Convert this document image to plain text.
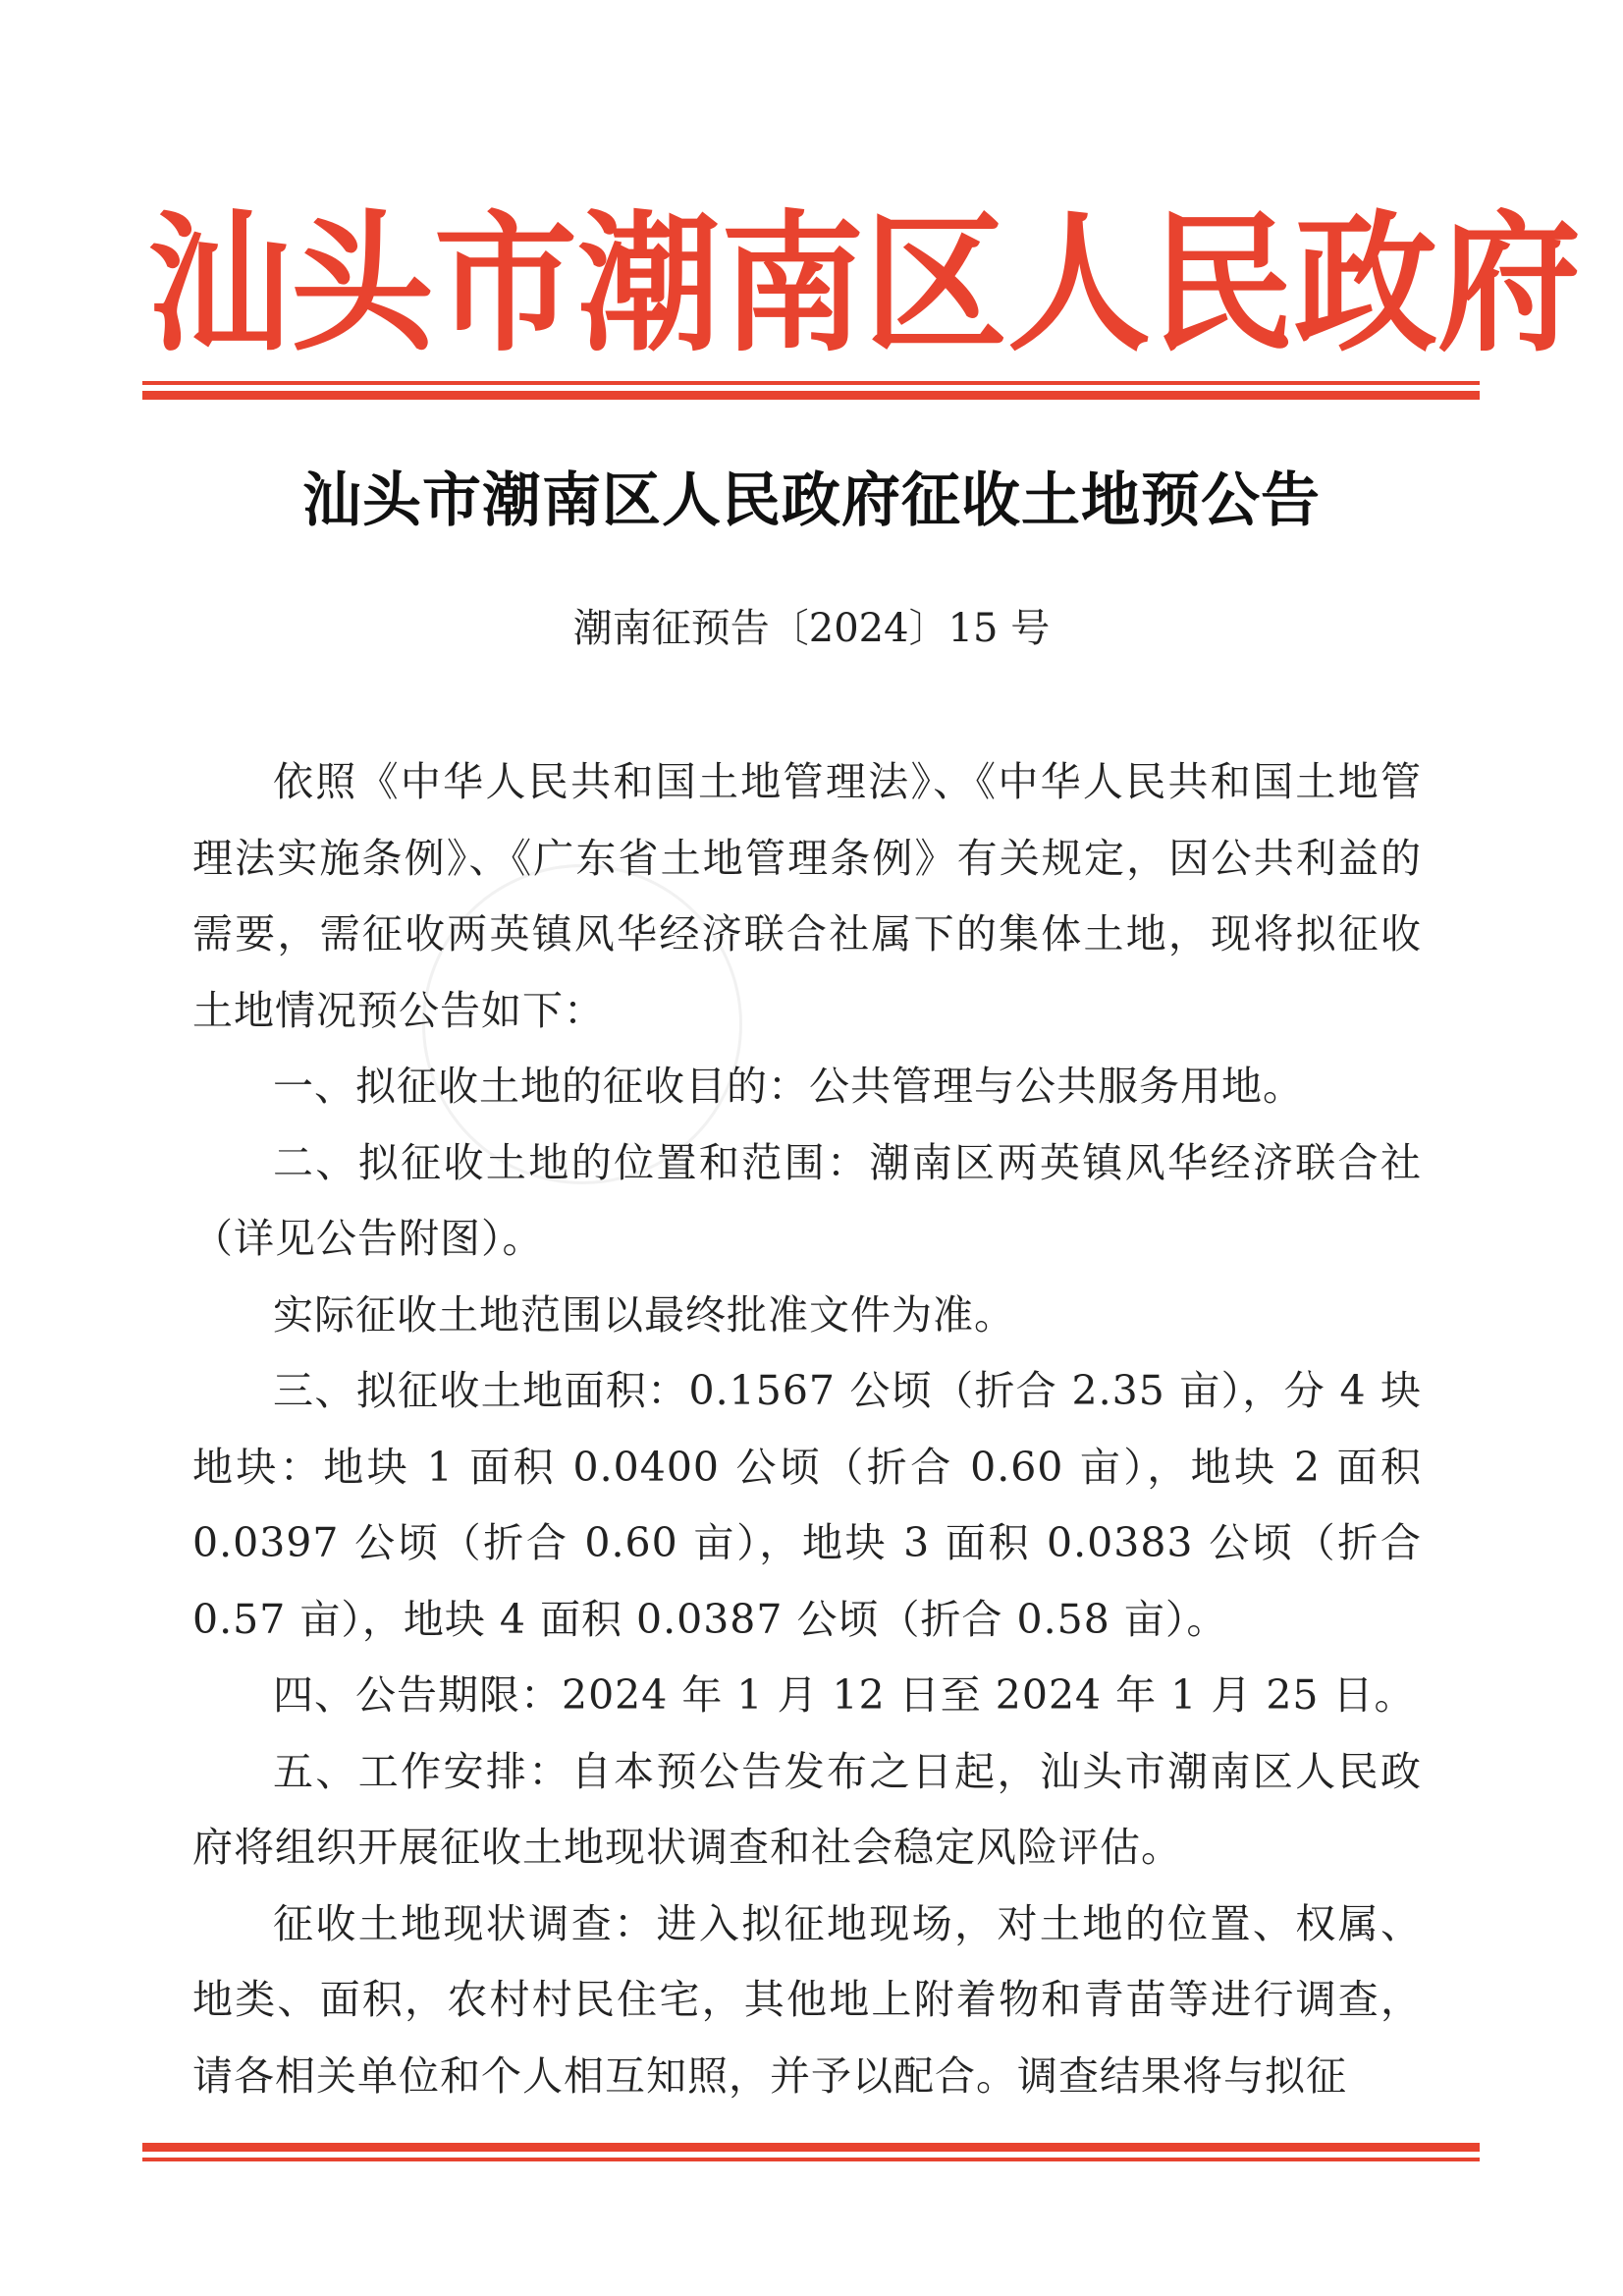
汕 头 市 潮 南 区 人 民 政 府
汕头市潮南区人民政府征收土地预公告
潮南征预告〔2024〕15 号

依照《中华人民共和国土地管理法》、《中华人民共和国土地管理法实施条例》、《广东省土地管理条例》有关规定，因公共利益的需要，需征收两英镇风华经济联合社属下的集体土地，现将拟征收土地情况预公告如下：

一、拟征收土地的征收目的：公共管理与公共服务用地。

二、拟征收土地的位置和范围：潮南区两英镇风华经济联合社（详见公告附图）。

实际征收土地范围以最终批准文件为准。

三、拟征收土地面积：0.1567 公顷（折合 2.35 亩），分 4 块地块：地块 1 面积 0.0400 公顷（折合 0.60 亩），地块 2 面积 0.0397 公顷（折合 0.60 亩），地块 3 面积 0.0383 公顷（折合 0.57 亩），地块 4 面积 0.0387 公顷（折合 0.58 亩）。

四、公告期限：2024 年 1 月 12 日至 2024 年 1 月 25 日。

五、工作安排：自本预公告发布之日起，汕头市潮南区人民政府将组织开展征收土地现状调查和社会稳定风险评估。

征收土地现状调查：进入拟征地现场，对土地的位置、权属、地类、面积，农村村民住宅，其他地上附着物和青苗等进行调查，请各相关单位和个人相互知照，并予以配合。调查结果将与拟征
